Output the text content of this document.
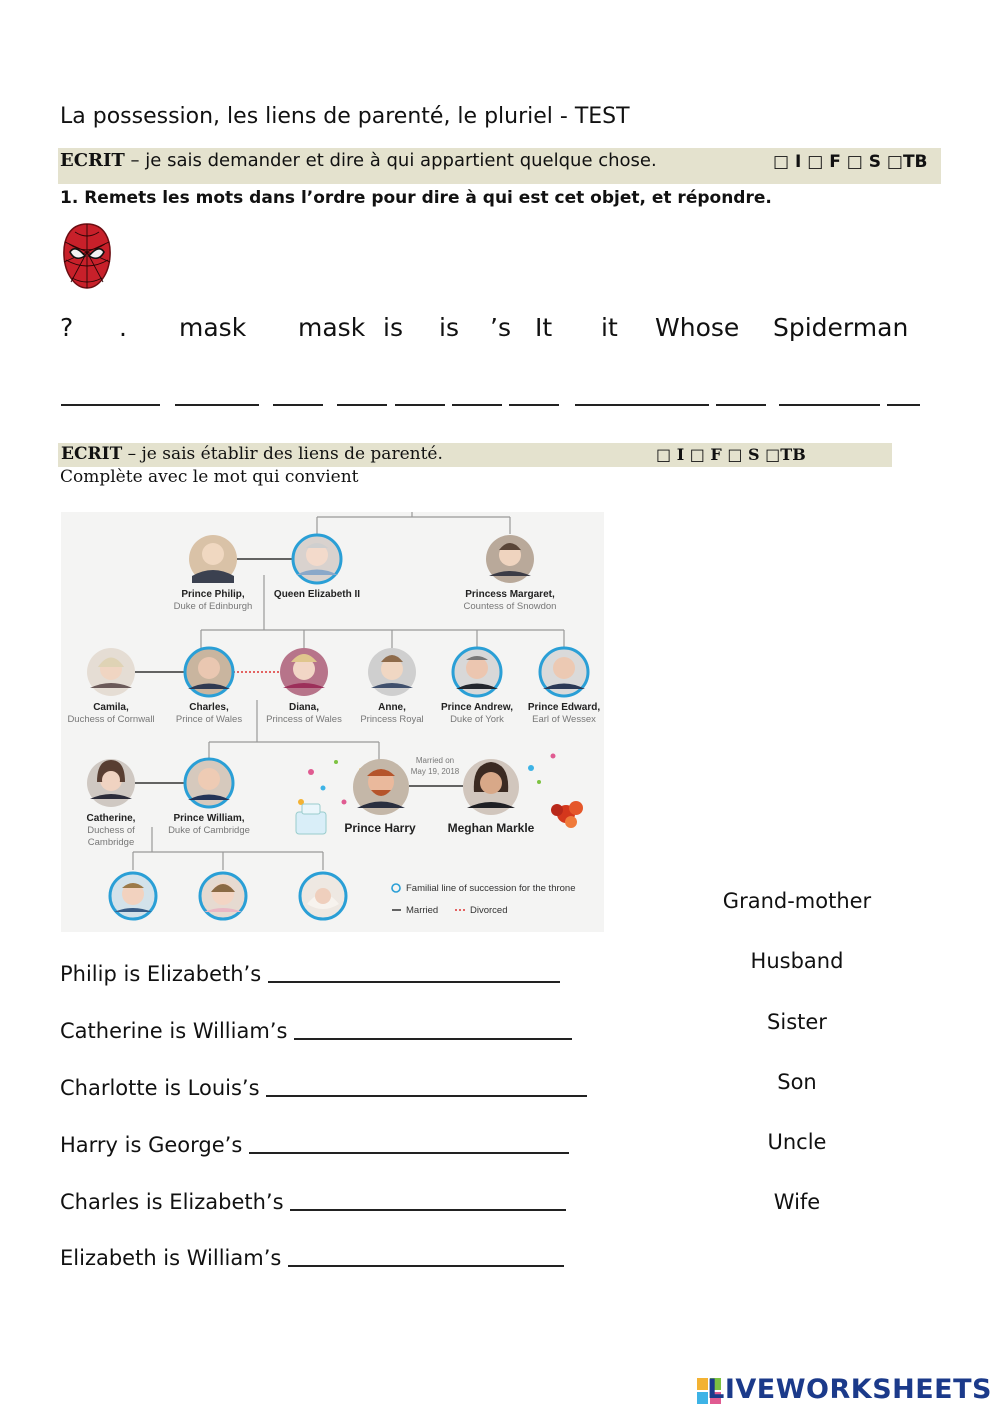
La possession, les liens de parenté, le pluriel - TEST
ECRIT – je sais demander et dire à qui appartient quelque chose.	□ I □ F □ S □TB
1. Remets les mots dans l’ordre pour dire à qui est cet objet, et répondre.
? . mask mask is is ’s It it Whose Spiderman
ECRIT – je sais établir des liens de parenté.	□ I □ F □ S □TB
Complète avec le mot qui convient
Prince Philip,
Duke of Edinburgh
Queen Elizabeth II	Princess Margaret,
Countess of Snowdon
Camila,
Duchess of Cornwall
Charles,
Prince of Wales
Diana,
Princess of Wales
Anne,
Princess Royal
Prince Andrew,
Duke of York
Prince Edward,
Earl of Wessex
Catherine,
Duchess of
Cambridge
Prince William,
Duke of Cambridge	Prince Harry	Meghan Markle
Married on
May 19, 2018
Familial line of succession for the throne
Married	Divorced
Philip is Elizabeth’s
Catherine is William’s
Charlotte is Louis’s
Harry is George’s
Charles is Elizabeth’s
Elizabeth is William’s
Grand-mother
Husband
Sister
Son
Uncle
Wife
LIVEWORKSHEETS
